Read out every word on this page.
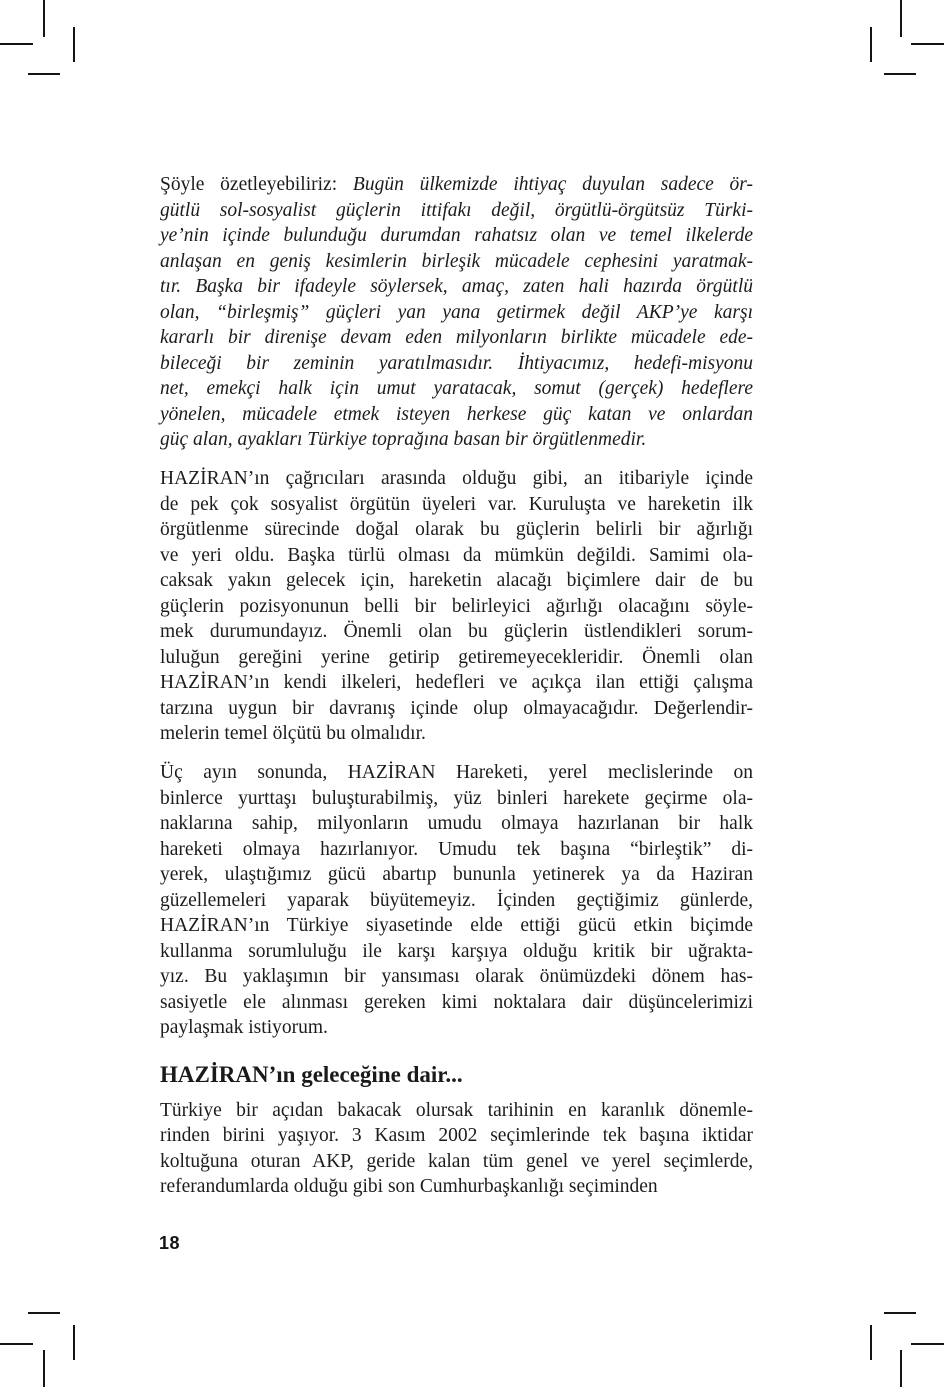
Şöyle özetleyebiliriz: Bugün ülkemizde ihtiyaç duyulan sadece ör-
gütlü sol-sosyalist güçlerin ittifakı değil, örgütlü-örgütsüz Türki-
ye’nin içinde bulunduğu durumdan rahatsız olan ve temel ilkelerde
anlaşan en geniş kesimlerin birleşik mücadele cephesini yaratmak-
tır. Başka bir ifadeyle söylersek, amaç, zaten hali hazırda örgütlü
olan, “birleşmiş” güçleri yan yana getirmek değil AKP’ye karşı
kararlı bir direnişe devam eden milyonların birlikte mücadele ede-
bileceği bir zeminin yaratılmasıdır. İhtiyacımız, hedefi-misyonu
net, emekçi halk için umut yaratacak, somut (gerçek) hedeflere
yönelen, mücadele etmek isteyen herkese güç katan ve onlardan
güç alan, ayakları Türkiye toprağına basan bir örgütlenmedir.
HAZİRAN’ın çağrıcıları arasında olduğu gibi, an itibariyle içinde
de pek çok sosyalist örgütün üyeleri var. Kuruluşta ve hareketin ilk
örgütlenme sürecinde doğal olarak bu güçlerin belirli bir ağırlığı
ve yeri oldu. Başka türlü olması da mümkün değildi. Samimi ola-
caksak yakın gelecek için, hareketin alacağı biçimlere dair de bu
güçlerin pozisyonunun belli bir belirleyici ağırlığı olacağını söyle-
mek durumundayız. Önemli olan bu güçlerin üstlendikleri sorum-
luluğun gereğini yerine getirip getiremeyecekleridir. Önemli olan
HAZİRAN’ın kendi ilkeleri, hedefleri ve açıkça ilan ettiği çalışma
tarzına uygun bir davranış içinde olup olmayacağıdır. Değerlendir-
melerin temel ölçütü bu olmalıdır.
Üç ayın sonunda, HAZİRAN Hareketi, yerel meclislerinde on
binlerce yurttaşı buluşturabilmiş, yüz binleri harekete geçirme ola-
naklarına sahip, milyonların umudu olmaya hazırlanan bir halk
hareketi olmaya hazırlanıyor. Umudu tek başına “birleştik” di-
yerek, ulaştığımız gücü abartıp bununla yetinerek ya da Haziran
güzellemeleri yaparak büyütemeyiz. İçinden geçtiğimiz günlerde,
HAZİRAN’ın Türkiye siyasetinde elde ettiği gücü etkin biçimde
kullanma sorumluluğu ile karşı karşıya olduğu kritik bir uğrakta-
yız. Bu yaklaşımın bir yansıması olarak önümüzdeki dönem has-
sasiyetle ele alınması gereken kimi noktalara dair düşüncelerimizi
paylaşmak istiyorum.
HAZİRAN’ın geleceğine dair...
Türkiye bir açıdan bakacak olursak tarihinin en karanlık dönemle-
rinden birini yaşıyor. 3 Kasım 2002 seçimlerinde tek başına iktidar
koltuğuna oturan AKP, geride kalan tüm genel ve yerel seçimlerde,
referandumlarda olduğu gibi son Cumhurbaşkanlığı seçiminden
18
